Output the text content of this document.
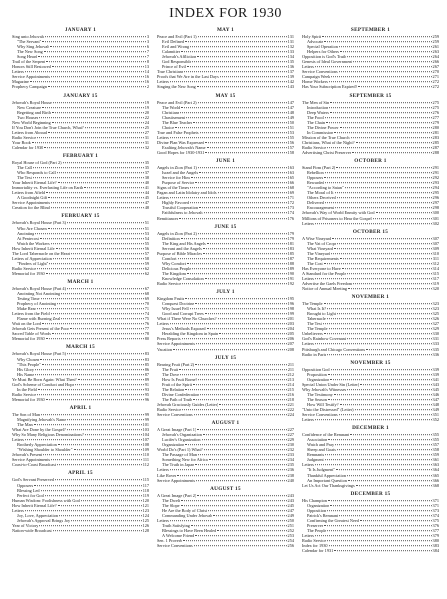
INDEX FOR 1930
JANUARY 1
Sing unto Jehovah	3
"The Servant"	3
Why Sing Jehovah	6
The New Song	7
Song Heard	7
Trail of the Serpent	8
Honors Still Bestowed	13
Letters	14
Service Appointments	16
Magazine	16
Prophecy Campaign	2
JANUARY 15
Jehovah's Royal House	19
New Creature	19
Begetting and Birth	20
Two Houses	22
New World Beginning	24
If You Don't Join the True Church, What?	25
Letters from Abroad	27
Radio Service	31
Your Book	31
Calendar for 1930	32
FEBRUARY 1
Royal House of God (Part 2)	35
The Call	35
Who Responds to Call	37
The Test	38
Your Inherit Eternal Life?	40
Immortality vs. Everlasting Life on Earth	41
Letters from Afield	44
A Goodnight Gift	45
Service Appointments	47
Creation for the Blind	48
FEBRUARY 15
Jehovah's Royal House (Part 3)	51
Who Are Chosen	51
Anointing	53
At Pentecost	54
Watch the Workers	55
How Inherit Eternal Life	56
The Lord Tabernacle on the Heart	57
Letters of Appreciation	58
"Finders of Light"	59
Radio Service	62
Memorial for 1930	62
MARCH 1
Jehovah's Royal House (Part 4)	67
Anointing Not Anointing	68
Testing Time	69
Prophecy of Anointing	70
Make Rear	71
Letters from the Field	74
Flame with Burning Zeal	75
Wait on the Lord	76
Jehovah Gets Present of the Poor	77
Sacred Table of Words	78
Memorial for 1930	80
MARCH 15
Jehovah's Royal House (Part 5)	83
Why Chosen	83
"This People"	85
His Glory	86
His Name	87
Ye Must Be Born Again: What Then?	89
God's Scheme of Conduct and Hope	91
In the Field	93
Radio Service	95
Memorial for 1930	96
APRIL 1
The Son of Man	99
Magnifying Jehovah's Name	99
The Man	101
What Are Done by the Gospel?	103
Why So Many Religious Denominations?	104
Letters	107
Brotherly Appreciation	108
"Wishing Shoulder to Shoulder"	109
Jehovah's Present	110
Service Appointments	111
Coast-to-Coast Broadcast	112
APRIL 15
God's Servant Preserved	115
Opposers	117
Blessing Led	118
Perfect for God	119
Human Wisdom: Foolishness with God	120
How Inherit Eternal Life?	121
Letters	123
Joy, Love, Appreciation	124
Jehovah's Approval Brings Joy	125
Year of Victory	126
Nation-wide Broadcast	128
MAY 1
Peace and Evil (Part 1)	131
Evil Defined	131
Evil and Wrong	132
Calamities	133
Jehovah's Affliction	134
God Responsible	135
Prince of Evil	136
True Christians	137
Proofs that We Are in the Last Days	139
Letters	142
Singing the New Song	143
MAY 15
Peace and Evil (Part 2)	147
The World	147
Christians	148
Chastisement	149
The Blue Teacher	150
Choice	151
True and False Prophets	153
Letters	155
Divine Plan Was Expressed	156
Exalting Jehovah's Name	157
Good Hopes for 1930-1931	158
JUNE 1
Angels in Zion (Part 1)	163
Israel and the Angels	163
Service for Him	165
Purpose of Service	166
Signs of the Times	168
Pagan and Latin Idolatry and Idols	169
Letters	171
Highly Favored	172
Trustful Cooperation	173
Faithfulness to Jehovah	174
Remittances	176
JUNE 15
Angels in Zion (Part 2)	179
Definition	179
The King and His Angels	181
Servant and the Angels	183
Purpose of Bible Miracles	185
Comfort	187
Why Comfort	188
Delicious People	189
The Kingdom	190
Knowledge Consolation	191
Radio Service	192
JULY 1
Kingdom Fruits	195
Conquest Doctrine	196
Why Israel Fell	198
Good and Corrupt Trees	199
What if There Were No Churches?	201
Letters	203
Jesus's Methods Exposed	204
Heralding the Kingdom in Spain	205
Press Reports	206
Service Appointments	207
Vacation	208
JULY 15
Bearing Fruit (Part 2)	211
The Fruit	211
The Dove	212
How Is Fruit Borne?	213
Fruit of the Spirit	214
The Relation	215
Divine Confederation	216
The Path of Truth	218
Jehovah Graciously Guides (Letter)	221
Radio Service	222
Service Conventions	224
AUGUST 1
A Great Image (Part 1)	227
Jehovah's Organization	227
Lucifer's Organization	229
Organization	230
World Do's (Part 1) What?	232
The Passage of Man	233
Something New for Africa	234
The Truth in Japan	235
Letters	236
Like Rover	238
Service Appointments	240
AUGUST 15
A Great Image (Part 2)	243
The Dwelt	243
The Slope	245
He Are the Body of Christ	247
Commanding Under Jehovah	249
Letters	250
Truth Satisfying	251
Blessings to Have Been Healed	252
A Welcome Friend	253
Sen. 1 Proverb	254
Service Conventions	256
SEPTEMBER 1
Holy Spirit	259
Advocate	259
Special Operation	261
Helpers for Others	263
Opposition is God's Truth	264
Genesis of Ideal Government	266
Letters	267
Service Conventions	270
Campaign Week	271
Home Workers	272
Has Your Subscription Expired?	272
SEPTEMBER 15
The Men of Sin	275
Introduction	275
Deep Waters	276
The Food	277
The Chain	279
The Divine Power	280
In Commission	281
Mission of the True Church	283
Christians, What of the Night?	285
Radio Service	287
Advertising Christ Preserves	288
OCTOBER 1
Stand Firm (Part 2)	291
Rebellion	291
Opposers	292
Rewarded	293
"According to Satan"	294
The Moral of It	295
Others Deceived	296
Delivered	297
Encouragement	298
Jehovah's Way of World Enmity with God	300
Millions of Prisoners to Hear the Gospel	301
Letters	302
OCTOBER 15
A Wise Vineyard	307
The Vat of Crops	307
What Vineyard	309
The Vineyard	310
The Requirements	311
The Cost	312
Has Everyone to Have	314
A Standard for the People	315
Letters	317
Advertise the Gaels Freedom	319
Notice of Annual Meeting	320
NOVEMBER 1
The Temple	323
What Is It?	323
Brought to Light	325
Tabernacle	326
The Test	327
The Temple	329
Unbelievers	330
God's Rainbow Covenant	331
Letters	333
Pittsburgh and Chicago Conventions	335
Radio in Paris	336
NOVEMBER 15
Opposition God	339
Proposition	339
Organization	341
Special Union Under Sin (Letter)	343
Why Jehovah's Witnesses	345
The Testimony	346
The Season	347
How Will Testify?	348
"Unto the Distressed" (Letter)	349
Service Conventions	351
Letters	352
DECEMBER 1
Confidence of the Remnant	355
Association	355
Watch and Pray	357
Sheep and Goats	358
Remnants	359
Judgment	361
Letters	363
"It Is Judgment"	364
Thankful Appreciation	365
An Important Question	366
Let Us Act Our Thanksgivings	368
DECEMBER 15
His Champion	371
Organization	371
Opposition	373
Patrick's Remnant	374
Confirming the Greatest Need	375
Preserves	376
The People	377
Letters	379
Radio Service	380
Index for 1930	383
Calendar for 1931	384
